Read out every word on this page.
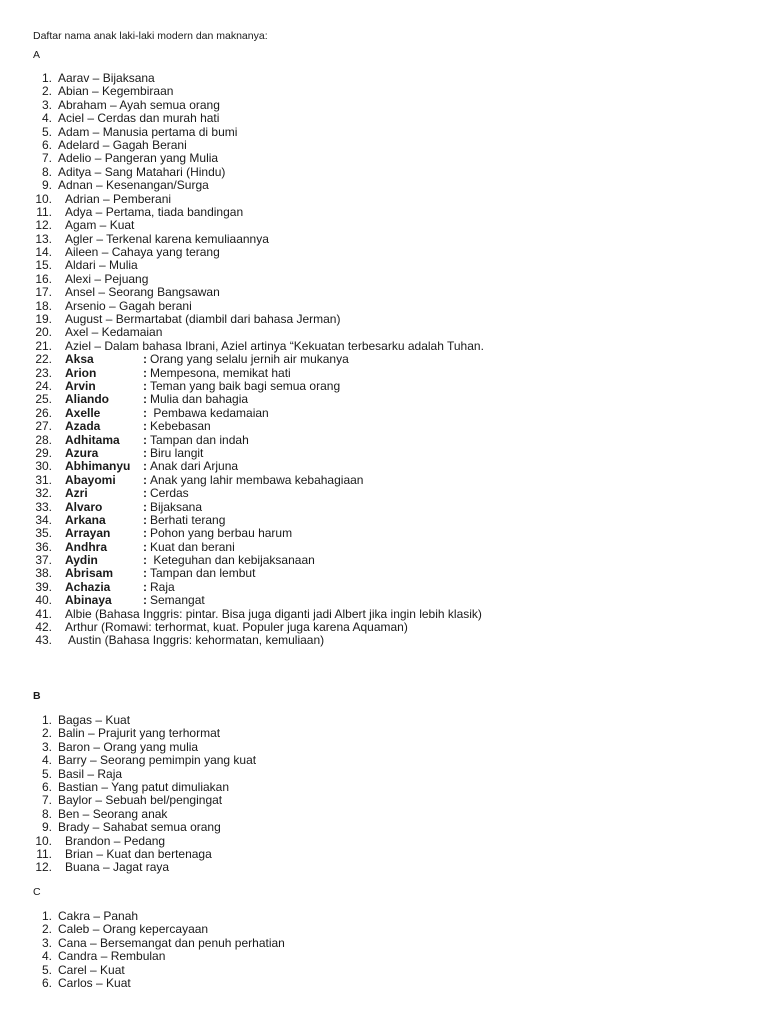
Daftar nama anak laki-laki modern dan maknanya:
A
1. Aarav – Bijaksana
2. Abian – Kegembiraan
3. Abraham – Ayah semua orang
4. Aciel – Cerdas dan murah hati
5. Adam – Manusia pertama di bumi
6. Adelard – Gagah Berani
7. Adelio – Pangeran yang Mulia
8. Aditya – Sang Matahari (Hindu)
9. Adnan – Kesenangan/Surga
10. Adrian – Pemberani
11. Adya – Pertama, tiada bandingan
12. Agam – Kuat
13. Agler – Terkenal karena kemuliaannya
14. Aileen – Cahaya yang terang
15. Aldari – Mulia
16. Alexi – Pejuang
17. Ansel – Seorang Bangsawan
18. Arsenio – Gagah berani
19. August – Bermartabat (diambil dari bahasa Jerman)
20. Axel – Kedamaian
21. Aziel – Dalam bahasa Ibrani, Aziel artinya “Kekuatan terbesarku adalah Tuhan.
22. Aksa	: Orang yang selalu jernih air mukanya
23. Arion	: Mempesona, memikat hati
24. Arvin	: Teman yang baik bagi semua orang
25. Aliando	: Mulia dan bahagia
26. Axelle	: Pembawa kedamaian
27. Azada	: Kebebasan
28. Adhitama : Tampan dan indah
29. Azura	: Biru langit
30. Abhimanyu : Anak dari Arjuna
31. Abayomi : Anak yang lahir membawa kebahagiaan
32. Azri	: Cerdas
33. Alvaro	: Bijaksana
34. Arkana	: Berhati terang
35. Arrayan	: Pohon yang berbau harum
36. Andhra	: Kuat dan berani
37. Aydin	: Keteguhan dan kebijaksanaan
38. Abrisam : Tampan dan lembut
39. Achazia	: Raja
40. Abinaya	: Semangat
41. Albie (Bahasa Inggris: pintar. Bisa juga diganti jadi Albert jika ingin lebih klasik)
42. Arthur (Romawi: terhormat, kuat. Populer juga karena Aquaman)
43. Austin (Bahasa Inggris: kehormatan, kemuliaan)
B
1. Bagas – Kuat
2. Balin – Prajurit yang terhormat
3. Baron – Orang yang mulia
4. Barry – Seorang pemimpin yang kuat
5. Basil – Raja
6. Bastian – Yang patut dimuliakan
7. Baylor – Sebuah bel/pengingat
8. Ben – Seorang anak
9. Brady – Sahabat semua orang
10. Brandon – Pedang
11. Brian – Kuat dan bertenaga
12. Buana – Jagat raya
C
1. Cakra – Panah
2. Caleb – Orang kepercayaan
3. Cana – Bersemangat dan penuh perhatian
4. Candra – Rembulan
5. Carel – Kuat
6. Carlos – Kuat
